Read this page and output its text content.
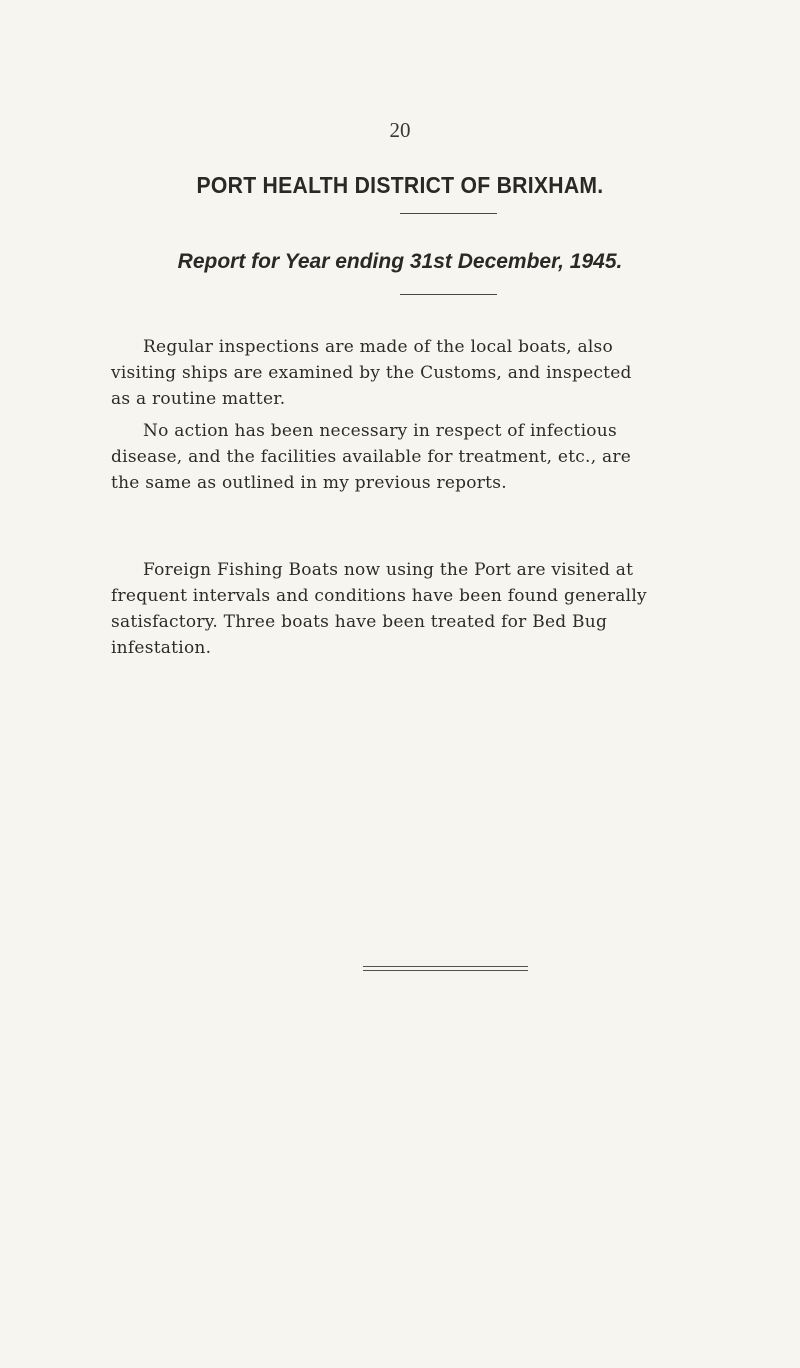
20
PORT HEALTH DISTRICT OF BRIXHAM.
Report for Year ending 31st December, 1945.
Regular inspections are made of the local boats, also
visiting ships are examined by the Customs, and inspected
as a routine matter.
No action has been necessary in respect of infectious
disease, and the facilities available for treatment, etc., are
the same as outlined in my previous reports.
Foreign Fishing Boats now using the Port are visited at
frequent intervals and conditions have been found generally
satisfactory. Three boats have been treated for Bed Bug
infestation.
